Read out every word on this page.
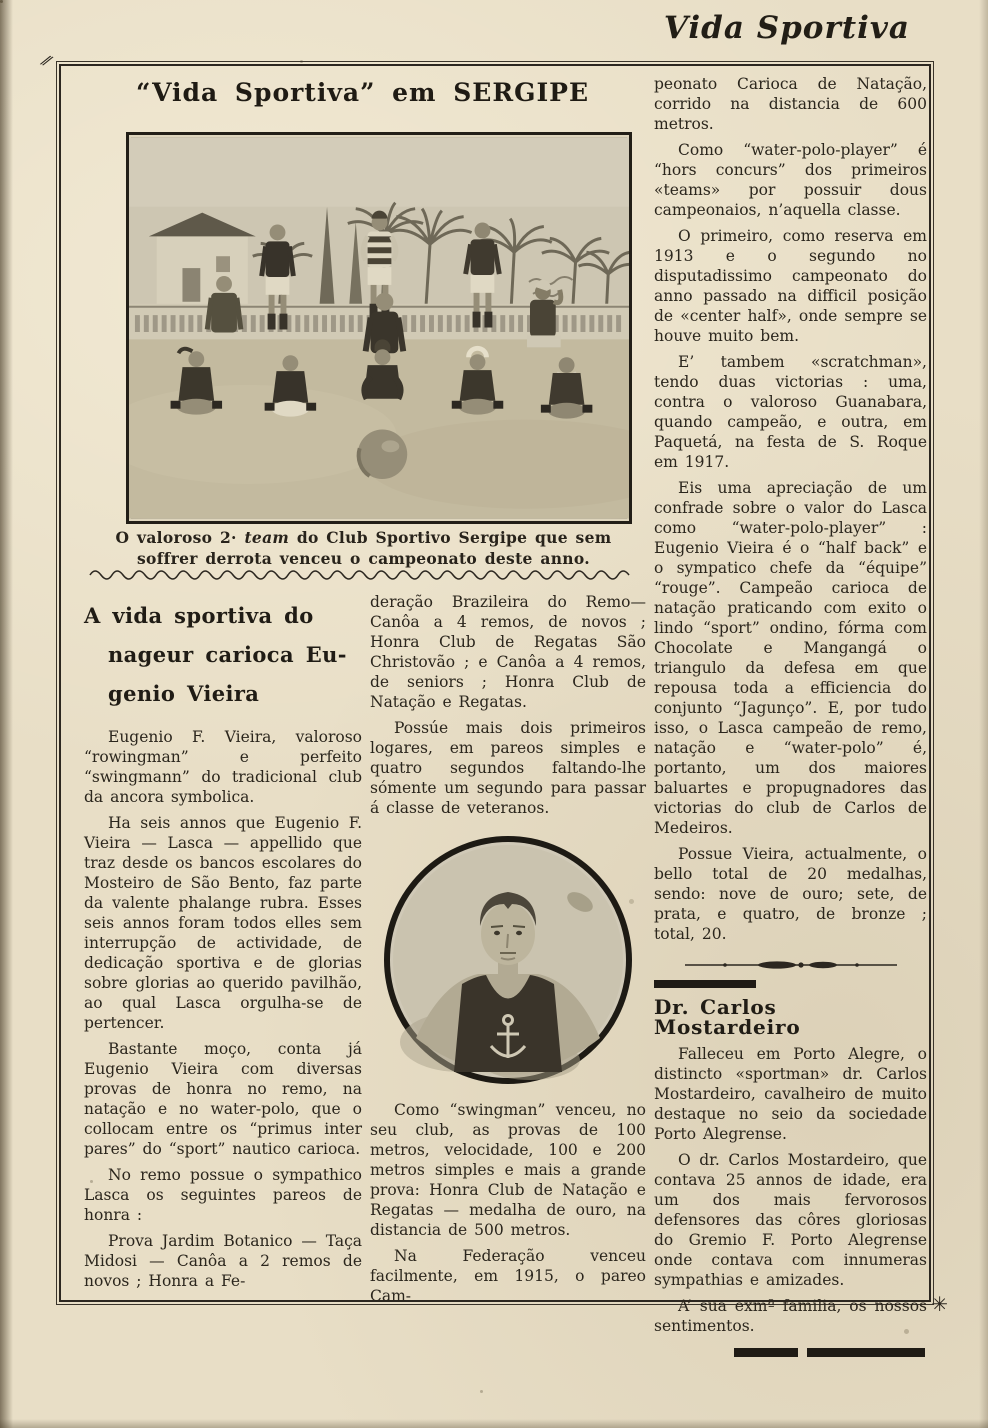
Vida Sportiva
⁄⁄
✳
“Vida Sportiva” em SERGIPE
O valoroso 2· team do Club Sportivo Sergipe que sem soffrer derrota venceu o campeonato deste anno.
A vida sportiva do
nageur carioca Eu-
genio Vieira

Eugenio F. Vieira, valoroso “rowingman” e perfeito “swingmann” do tradicional club da ancora symbolica.

Ha seis annos que Eugenio F. Vieira — Lasca — appellido que traz desde os bancos escolares do Mosteiro de São Bento, faz parte da valente phalange rubra. Esses seis annos foram todos elles sem interrupção de actividade, de dedicação sportiva e de glorias sobre glorias ao querido pavilhão, ao qual Lasca orgulha-se de pertencer.

Bastante moço, conta já Eugenio Vieira com diversas provas de honra no remo, na natação e no water-polo, que o collocam entre os “primus inter pares” do “sport” nautico carioca.

No remo possue o sympathico Lasca os seguintes pareos de honra :

Prova Jardim Botanico — Taça Midosi — Canôa a 2 remos de novos ; Honra a Fe-

deração Brazileira do Remo— Canôa a 4 remos, de novos ; Honra Club de Regatas São Christovão ; e Canôa a 4 remos, de seniors ; Honra Club de Natação e Regatas.

Possúe mais dois primeiros logares, em pareos simples e quatro segundos faltando-lhe sómente um segundo para passar á classe de veteranos.

Como “swingman” venceu, no seu club, as provas de 100 metros, velocidade, 100 e 200 metros simples e mais a grande prova: Honra Club de Natação e Regatas — medalha de ouro, na distancia de 500 metros.

Na Federação venceu facilmente, em 1915, o pareo Cam-

peonato Carioca de Natação, corrido na distancia de 600 metros.

Como “water-polo-player” é “hors concurs” dos primeiros «teams» por possuir dous campeonaios, n’aquella classe.

O primeiro, como reserva em 1913 e o segundo no disputadissimo campeonato do anno passado na difficil posição de «center half», onde sempre se houve muito bem.

E’ tambem «scratchman», tendo duas victorias : uma, contra o valoroso Guanabara, quando campeão, e outra, em Paquetá, na festa de S. Roque em 1917.

Eis uma apreciação de um confrade sobre o valor do Lasca como “water-polo-player” : Eugenio Vieira é o “half back” e o sympatico chefe da “équipe” “rouge”. Campeão carioca de natação praticando com exito o lindo “sport” ondino, fórma com Chocolate e Mangangá o triangulo da defesa em que repousa toda a efficiencia do conjunto “Jagunço”. E, por tudo isso, o Lasca campeão de remo, natação e “water-polo” é, portanto, um dos maiores baluartes e propugnadores das victorias do club de Carlos de Medeiros.

Possue Vieira, actualmente, o bello total de 20 medalhas, sendo: nove de ouro; sete, de prata, e quatro, de bronze ; total, 20.

Dr. Carlos Mostardeiro

Falleceu em Porto Alegre, o distincto «sportman» dr. Carlos Mostardeiro, cavalheiro de muito destaque no seio da sociedade Porto Alegrense.

O dr. Carlos Mostardeiro, que contava 25 annos de idade, era um dos mais fervorosos defensores das côres gloriosas do Gremio F. Porto Alegrense onde contava com innumeras sympathias e amizades.

A’ sua exmª familia, os nossos sentimentos.
